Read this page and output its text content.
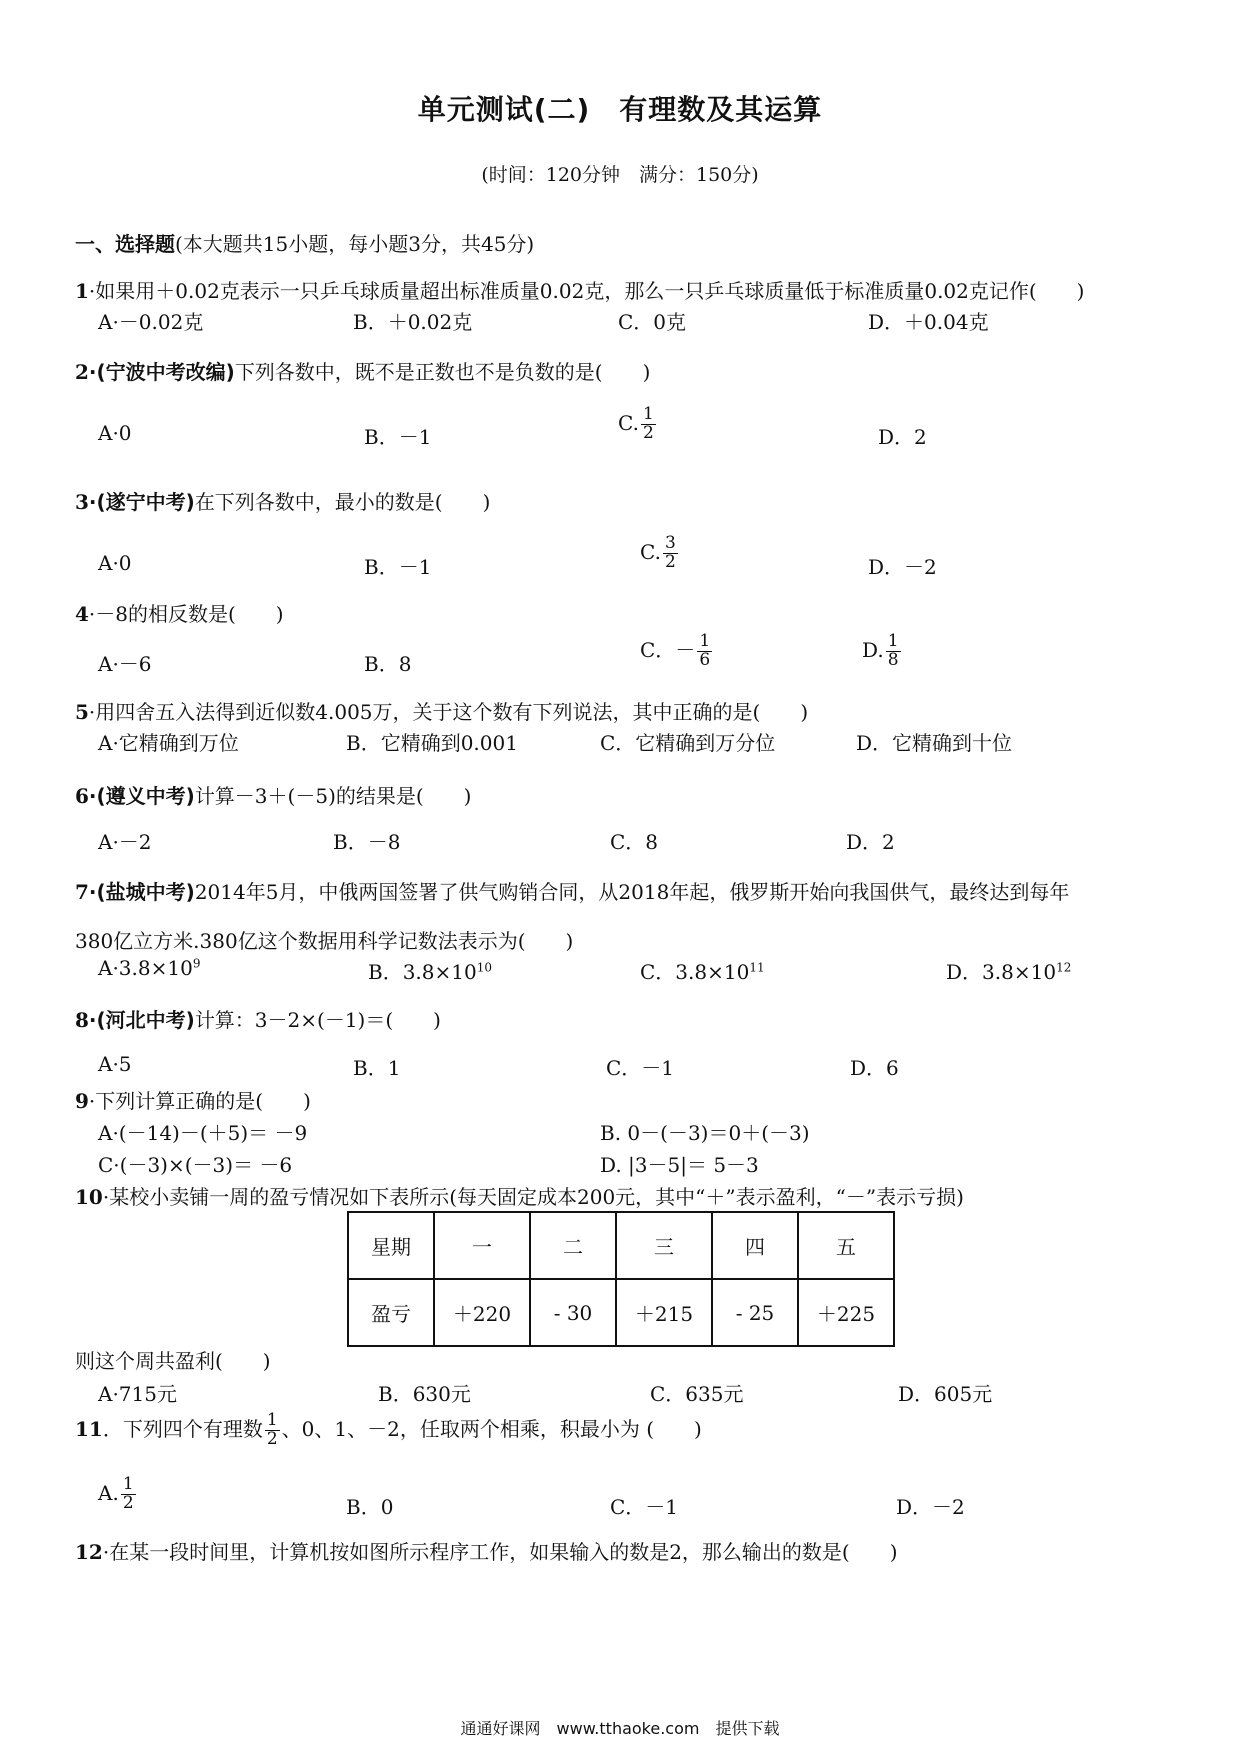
单元测试(二)　有理数及其运算
(时间：120分钟　满分：150分)
一、选择题(本大题共15小题，每小题3分，共45分)
1·如果用＋0.02克表示一只乒乓球质量超出标准质量0.02克，那么一只乒乓球质量低于标准质量0.02克记作(　　)
A·－0.02克	B．＋0.02克	C．0克	D．＋0.04克
2·(宁波中考改编)下列各数中，既不是正数也不是负数的是(　　)
A·0	B．－1
C. $\frac{1}{2}$	D．2
3·(遂宁中考)在下列各数中，最小的数是(　　)
A·0	B．－1
C. $\frac{3}{2}$	D．－2
4·－8的相反数是(　　)
A·－6	B．8
C．－ $\frac{1}{6}$	D. $\frac{1}{8}$
5·用四舍五入法得到近似数4.005万，关于这个数有下列说法，其中正确的是(　　)
A·它精确到万位	B．它精确到0.001	C．它精确到万分位	D．它精确到十位
6·(遵义中考)计算－3＋(－5)的结果是(　　)
A·－2	B．－8	C．8	D．2
7·(盐城中考)2014年5月，中俄两国签署了供气购销合同，从2018年起，俄罗斯开始向我国供气，最终达到每年
380亿立方米.380亿这个数据用科学记数法表示为(　　)
$A\cdot 3.8\times 10^9$	B．$3.8\times 10^{10}$	C．$3.8\times 10^{11}$	D．$3.8\times 10^{12}$
8·(河北中考)计算：3－2×(－1)＝(　　)
A·5	B．1	C．－1	D．6
9·下列计算正确的是(　　)
A·(－14)－(＋5)＝ －9	B. 0－(－3)＝0＋(－3)
C·(－3)×(－3)＝ －6	D. |3－5|＝ 5－3
10·某校小卖铺一周的盈亏情况如下表所示(每天固定成本200元，其中“＋”表示盈利，“－”表示亏损)
星期	一	二	三	四	五
盈亏	＋220	- 30	＋215	- 25	＋225
则这个周共盈利(　　)
A·715元	B．630元	C．635元	D．605元
11．下列四个有理数 $\frac{1}{2}$ 、0、1、－2，任取两个相乘，积最小为 (　　)
A. $\frac{1}{2}$	B．0	C．－1	D．－2
12·在某一段时间里，计算机按如图所示程序工作，如果输入的数是2，那么输出的数是(　　)
通通好课网　www.tthaoke.com　提供下载
